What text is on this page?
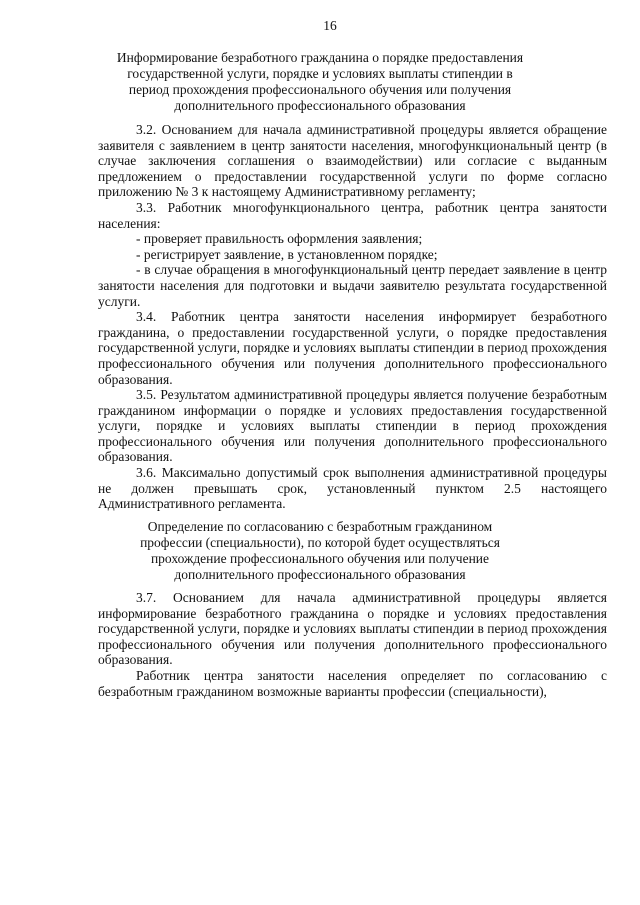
16
Информирование безработного гражданина о порядке предоставления государственной услуги, порядке и условиях выплаты стипендии в период прохождения профессионального обучения или получения дополнительного профессионального образования

3.2. Основанием для начала административной процедуры является обращение заявителя с заявлением в центр занятости населения, многофункциональный центр (в случае заключения соглашения о взаимодействии) или согласие с выданным предложением о предоставлении государственной услуги по форме согласно приложению № 3 к настоящему Административному регламенту;

3.3. Работник многофункционального центра, работник центра занятости населения:

- проверяет правильность оформления заявления;

- регистрирует заявление, в установленном порядке;

- в случае обращения в многофункциональный центр передает заявление в центр занятости населения для подготовки и выдачи заявителю результата государственной услуги.

3.4. Работник центра занятости населения информирует безработного гражданина, о предоставлении государственной услуги, о порядке предоставления государственной услуги, порядке и условиях выплаты стипендии в период прохождения профессионального обучения или получения дополнительного профессионального образования.

3.5. Результатом административной процедуры является получение безработным гражданином информации о порядке и условиях предоставления государственной услуги, порядке и условиях выплаты стипендии в период прохождения профессионального обучения или получения дополнительного профессионального образования.

3.6. Максимально допустимый срок выполнения административной процедуры не должен превышать срок, установленный пунктом 2.5 настоящего Административного регламента.

Определение по согласованию с безработным гражданином профессии (специальности), по которой будет осуществляться прохождение профессионального обучения или получение дополнительного профессионального образования

3.7. Основанием для начала административной процедуры является информирование безработного гражданина о порядке и условиях предоставления государственной услуги, порядке и условиях выплаты стипендии в период прохождения профессионального обучения или получения дополнительного профессионального образования.

Работник центра занятости населения определяет по согласованию с безработным гражданином возможные варианты профессии (специальности),
